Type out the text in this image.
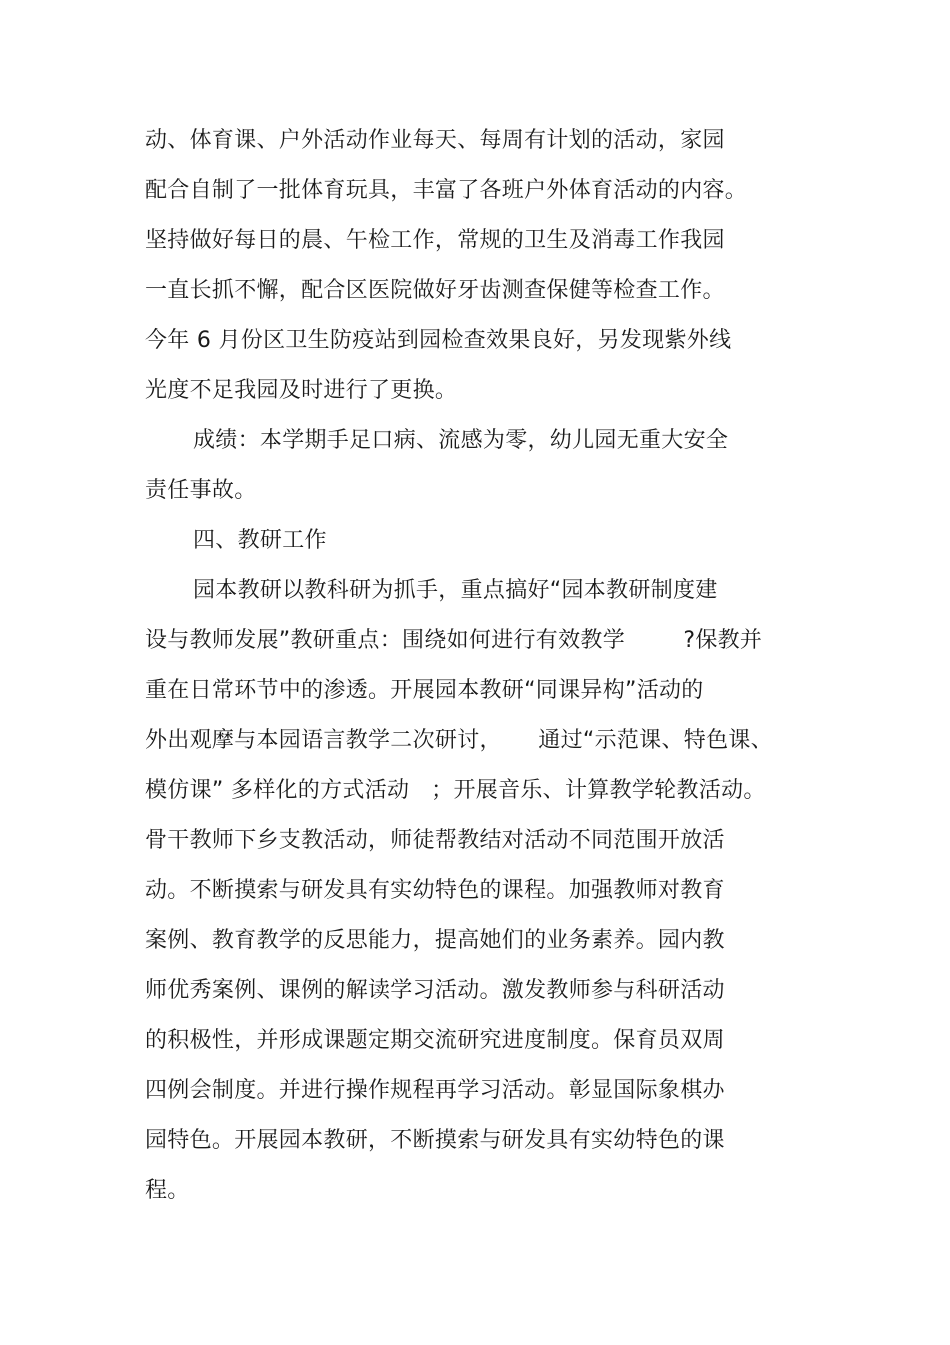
动、体育课、户外活动作业每天、每周有计划的活动，家园
配合自制了一批体育玩具，丰富了各班户外体育活动的内容。
坚持做好每日的晨、午检工作，常规的卫生及消毒工作我园
一直长抓不懈，配合区医院做好牙齿测查保健等检查工作。
今年 6 月份区卫生防疫站到园检查效果良好，另发现紫外线
光度不足我园及时进行了更换。
成绩：本学期手足口病、流感为零，幼儿园无重大安全
责任事故。
四、教研工作
园本教研以教科研为抓手，重点搞好“园本教研制度建
设与教师发展”教研重点：围绕如何进行有效教学        ?保教并
重在日常环节中的渗透。开展园本教研“同课异构”活动的
外出观摩与本园语言教学二次研讨，     通过“示范课、特色课、
模仿课” 多样化的方式活动   ；开展音乐、计算教学轮教活动。
骨干教师下乡支教活动，师徒帮教结对活动不同范围开放活
动。不断摸索与研发具有实幼特色的课程。加强教师对教育
案例、教育教学的反思能力，提高她们的业务素养。园内教
师优秀案例、课例的解读学习活动。激发教师参与科研活动
的积极性，并形成课题定期交流研究进度制度。保育员双周
四例会制度。并进行操作规程再学习活动。彰显国际象棋办
园特色。开展园本教研，不断摸索与研发具有实幼特色的课
程。
